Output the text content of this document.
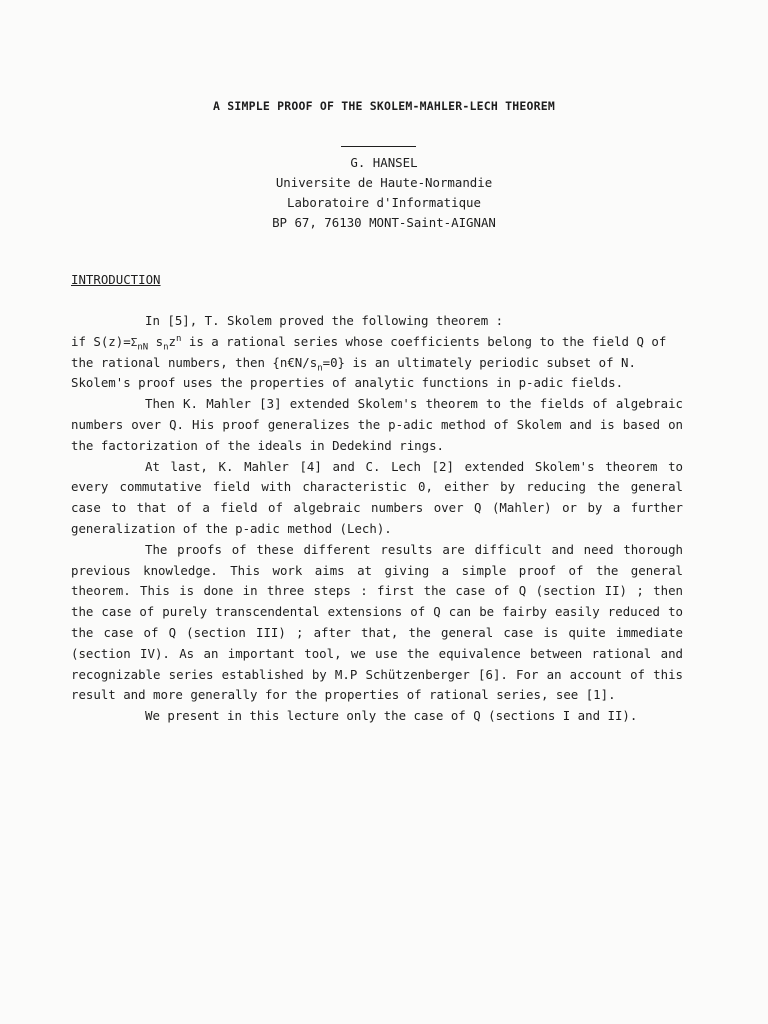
A SIMPLE PROOF OF THE SKOLEM-MAHLER-LECH THEOREM
G. HANSEL
Universite de Haute-Normandie
Laboratoire d'Informatique
BP 67, 76130 MONT-Saint-AIGNAN
INTRODUCTION
In [5], T. Skolem proved the following theorem :
if $S(z)=\Sigma_{nN}$ $s_nz^n$ is a rational series whose coefficients belong to the field Q of
the rational numbers, then $\{n€N/s_n=0\}$ is an ultimately periodic subset of N.
Skolem's proof uses the properties of analytic functions in p-adic fields.
Then K. Mahler [3] extended Skolem's theorem to the fields of algebraic
numbers over Q. His proof generalizes the p-adic method of Skolem and is based on
the factorization of the ideals in Dedekind rings.
At last, K. Mahler [4] and C. Lech [2] extended Skolem's theorem to
every commutative field with characteristic 0, either by reducing the general
case to that of a field of algebraic numbers over Q (Mahler) or by a further
generalization of the p-adic method (Lech).
The proofs of these different results are difficult and need thorough
previous knowledge. This work aims at giving a simple proof of the general
theorem. This is done in three steps : first the case of Q (section II) ; then
the case of purely transcendental extensions of Q can be fairby easily reduced to
the case of Q (section III) ; after that, the general case is quite immediate
(section IV). As an important tool, we use the equivalence between rational and
recognizable series established by M.P Schützenberger [6]. For an account of this
result and more generally for the properties of rational series, see [1].
We present in this lecture only the case of Q (sections I and II).
